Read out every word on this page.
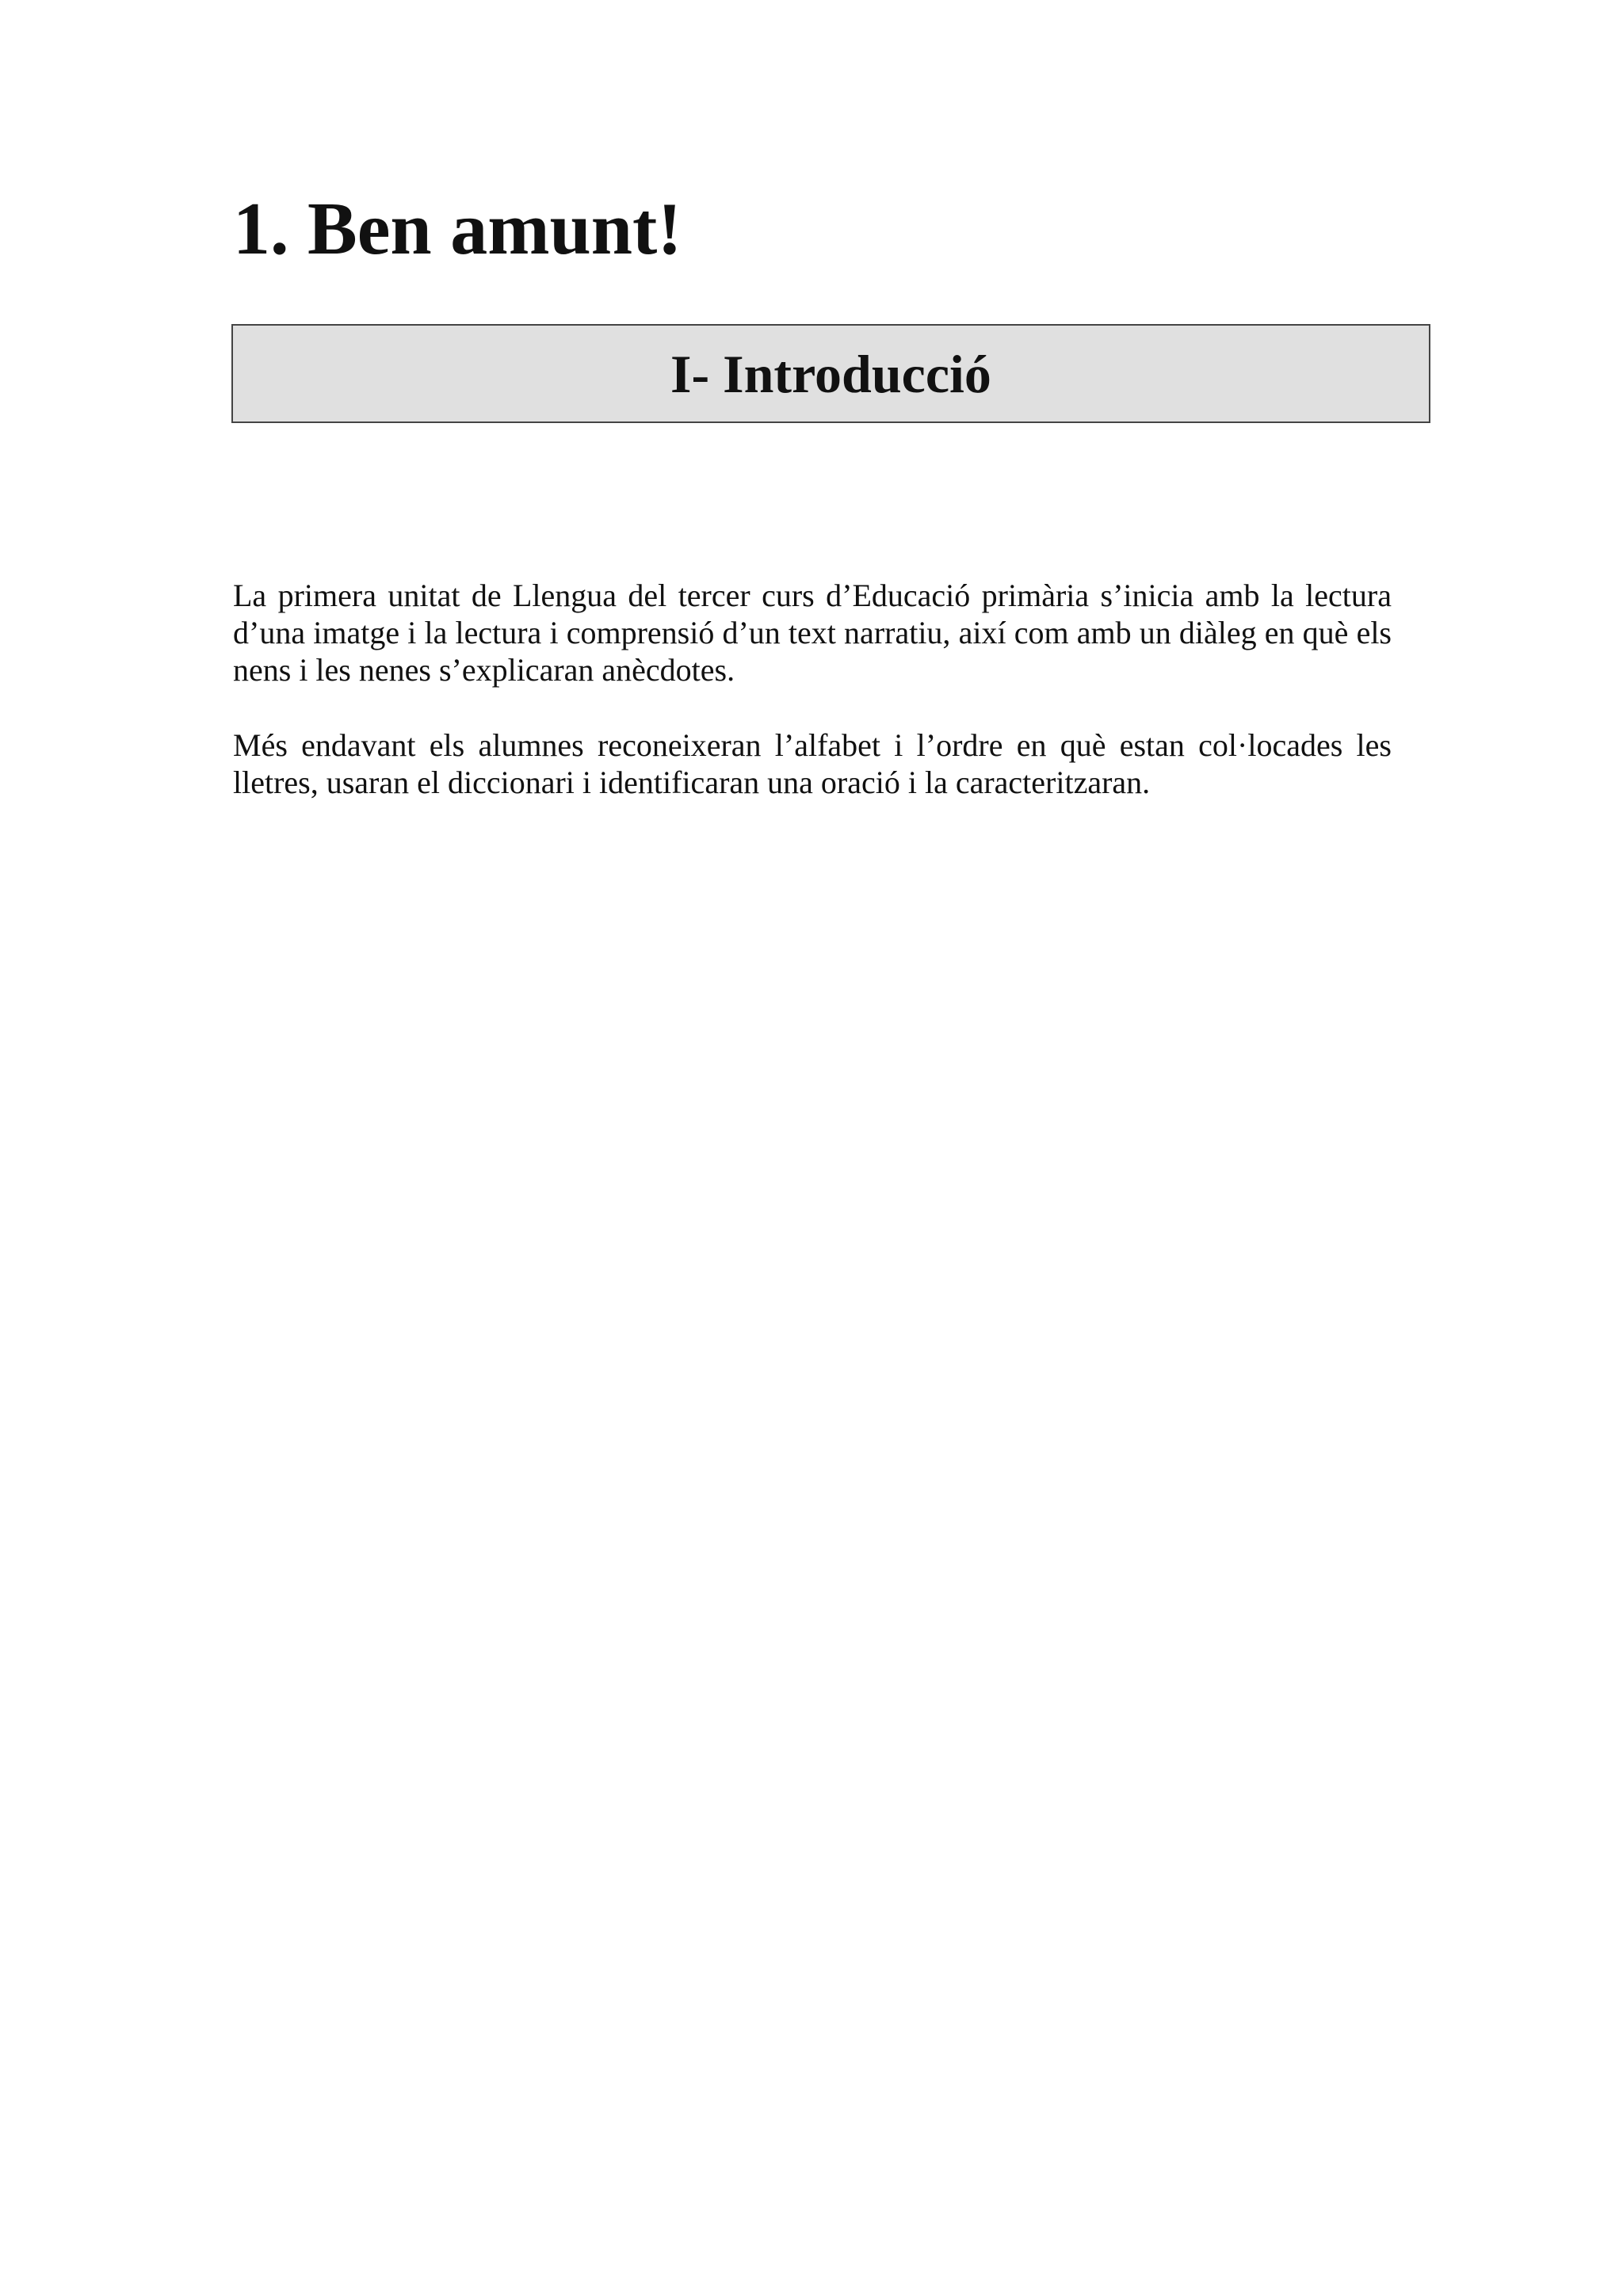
1. Ben amunt!
I- Introducció

La primera unitat de Llengua del tercer curs d’Educació primària s’inicia amb la lectura d’una imatge i la lectura i comprensió d’un text narratiu, així com amb un diàleg en què els nens i les nenes s’explicaran anècdotes.

Més endavant els alumnes reconeixeran l’alfabet i l’ordre en què estan col·locades les lletres, usaran el diccionari i identificaran una oració i la caracteritzaran.
